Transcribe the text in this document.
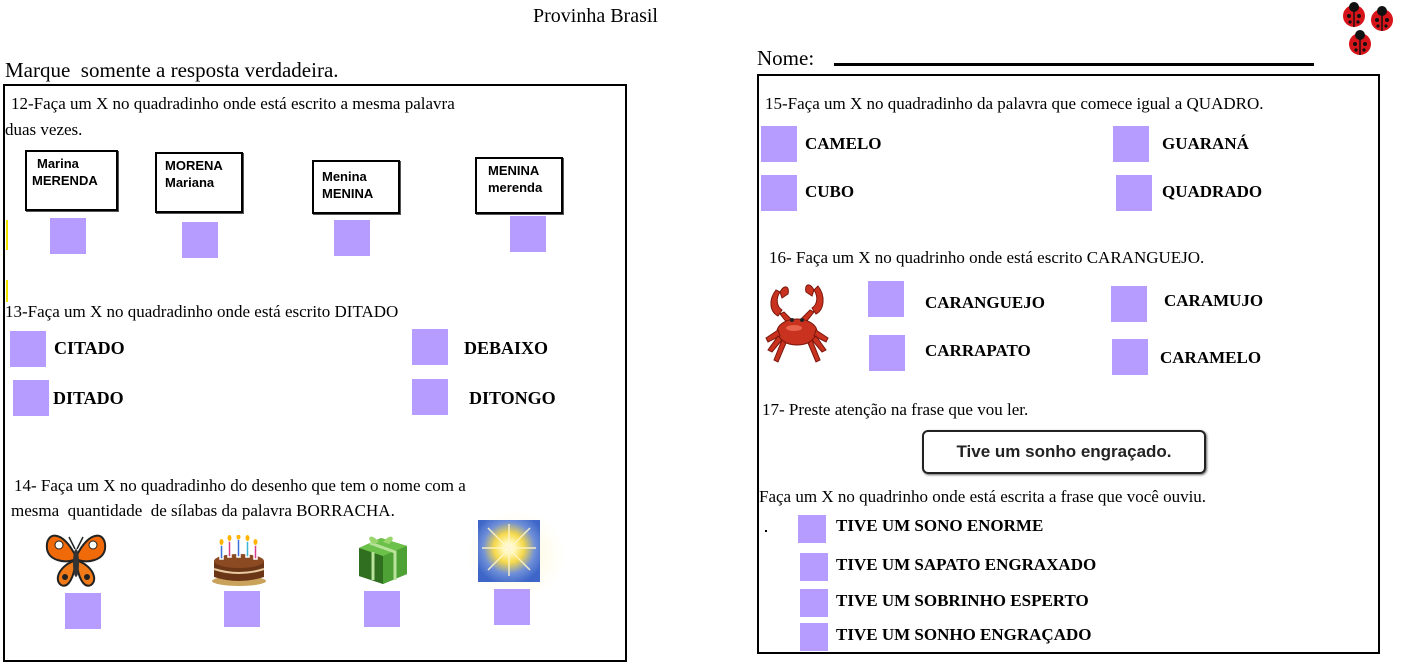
Provinha Brasil
Nome:
Marque  somente a resposta verdadeira.
12-Faça um X no quadradinho onde está escrito a mesma palavra
duas vezes.
Marina
MERENDA
MORENA
Mariana	Menina
MENINA
MENINA
merenda
13-Faça um X no quadradinho onde está escrito DITADO
CITADO	DEBAIXO
DITADO	DITONGO
14- Faça um X no quadradinho do desenho que tem o nome com a
mesma  quantidade  de sílabas da palavra BORRACHA.
15-Faça um X no quadradinho da palavra que comece igual a QUADRO.
CAMELO	GUARANÁ
CUBO	QUADRADO
16- Faça um X no quadrinho onde está escrito CARANGUEJO.
CARANGUEJO	CARAMUJO
CARRAPATO	CARAMELO
17- Preste atenção na frase que vou ler.
Tive um sonho engraçado.
Faça um X no quadrinho onde está escrita a frase que você ouviu.
TIVE UM SONO ENORME
TIVE UM SAPATO ENGRAXADO
TIVE UM SOBRINHO ESPERTO
TIVE UM SONHO ENGRAÇADO
